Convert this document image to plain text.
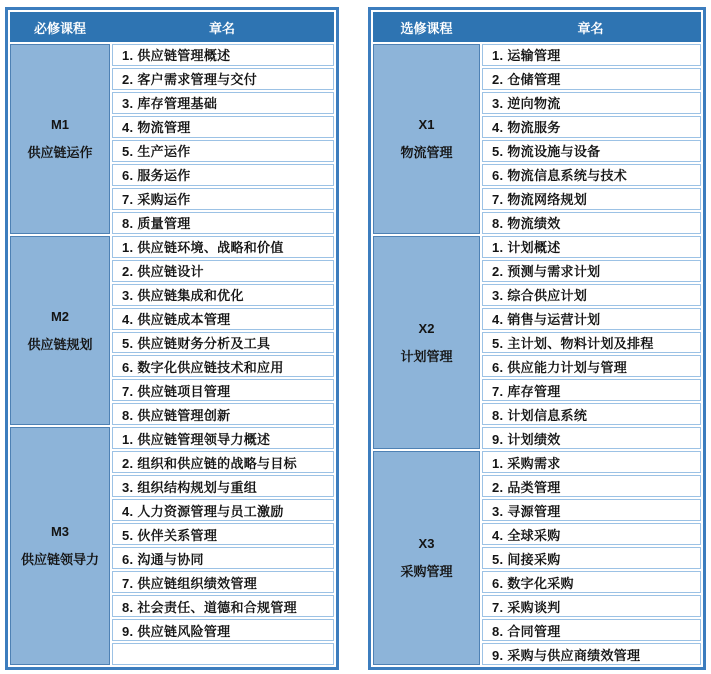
必修课程	章名
M1
供应链运作
1. 供应链管理概述
2. 客户需求管理与交付
3. 库存管理基础
4. 物流管理
5. 生产运作
6. 服务运作
7. 采购运作
8. 质量管理
M2
供应链规划
1. 供应链环境、战略和价值
2. 供应链设计
3. 供应链集成和优化
4. 供应链成本管理
5. 供应链财务分析及工具
6. 数字化供应链技术和应用
7. 供应链项目管理
8. 供应链管理创新
M3
供应链领导力
1. 供应链管理领导力概述
2. 组织和供应链的战略与目标
3. 组织结构规划与重组
4. 人力资源管理与员工激励
5. 伙伴关系管理
6. 沟通与协同
7. 供应链组织绩效管理
8. 社会责任、道德和合规管理
9. 供应链风险管理
选修课程	章名
X1
物流管理
1. 运输管理
2. 仓储管理
3. 逆向物流
4. 物流服务
5. 物流设施与设备
6. 物流信息系统与技术
7. 物流网络规划
8. 物流绩效
X2
计划管理
1. 计划概述
2. 预测与需求计划
3. 综合供应计划
4. 销售与运营计划
5. 主计划、物料计划及排程
6. 供应能力计划与管理
7. 库存管理
8. 计划信息系统
9. 计划绩效
X3
采购管理
1. 采购需求
2. 品类管理
3. 寻源管理
4. 全球采购
5. 间接采购
6. 数字化采购
7. 采购谈判
8. 合同管理
9. 采购与供应商绩效管理
